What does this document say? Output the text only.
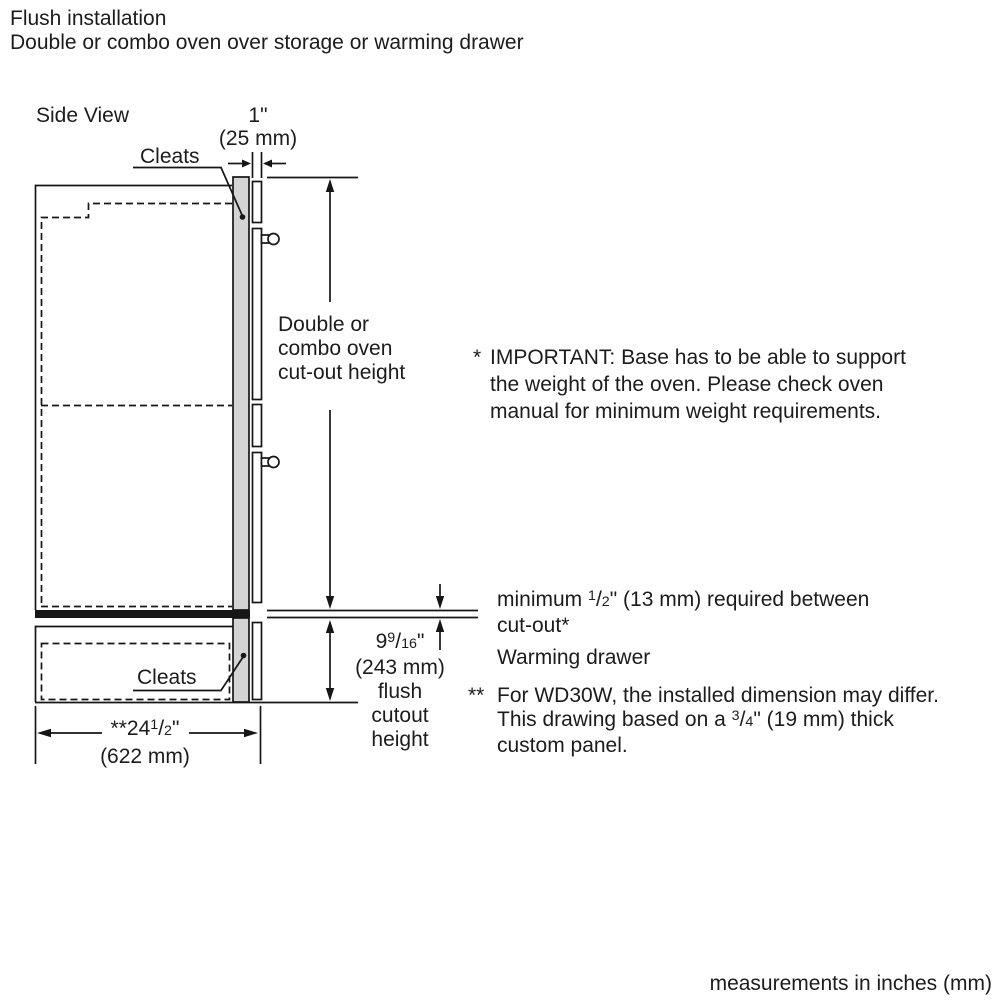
Flush installation
Double or combo oven over storage or warming drawer
Side View	1"
(25 mm)
Cleats
Cleats
Double or
combo oven
cut-out height
* IMPORTANT: Base has to be able to support
the weight of the oven. Please check oven
manual for minimum weight requirements.
minimum $^1$/2" (13 mm) required between
cut-out*
Warming drawer
** For WD30W, the installed dimension may differ.
This drawing based on a $^3$/4" (19 mm) thick
custom panel.
9$^9$/16"
(243 mm)
flush
cutout
height
**24$^1$/2"
(622 mm)
measurements in inches (mm)
